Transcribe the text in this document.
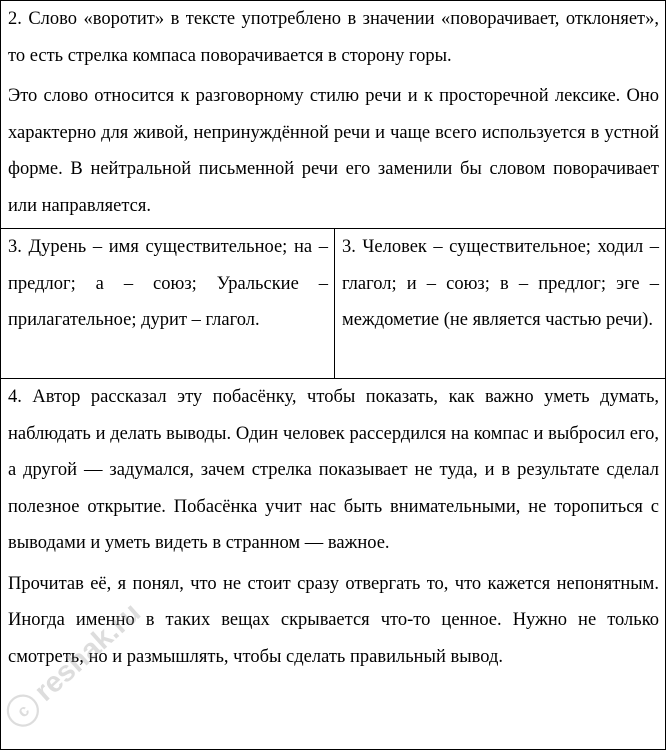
2. Слово «воротит» в тексте употреблено в значении «поворачивает, отклоняет», то есть стрелка компаса поворачивается в сторону горы.

Это слово относится к разговорному стилю речи и к просторечной лексике. Оно характерно для живой, непринуждённой речи и чаще всего используется в устной форме. В нейтральной письменной речи его заменили бы словом поворачивает или направляется.

3. Дурень – имя существительное; на – предлог; а – союз; Уральские – прилагательное; дурит – глагол.

3. Человек – существительное; ходил – глагол; и – союз; в – предлог; эге – междометие (не является частью речи).

4. Автор рассказал эту побасёнку, чтобы показать, как важно уметь думать, наблюдать и делать выводы. Один человек рассердился на компас и выбросил его, а другой — задумался, зачем стрелка показывает не туда, и в результате сделал полезное открытие. Побасёнка учит нас быть внимательными, не торопиться с выводами и уметь видеть в странном — важное.

Прочитав её, я понял, что не стоит сразу отвергать то, что кажется непонятным. Иногда именно в таких вещах скрывается что-то ценное. Нужно не только смотреть, но и размышлять, чтобы сделать правильный вывод.

c
reshak.ru
